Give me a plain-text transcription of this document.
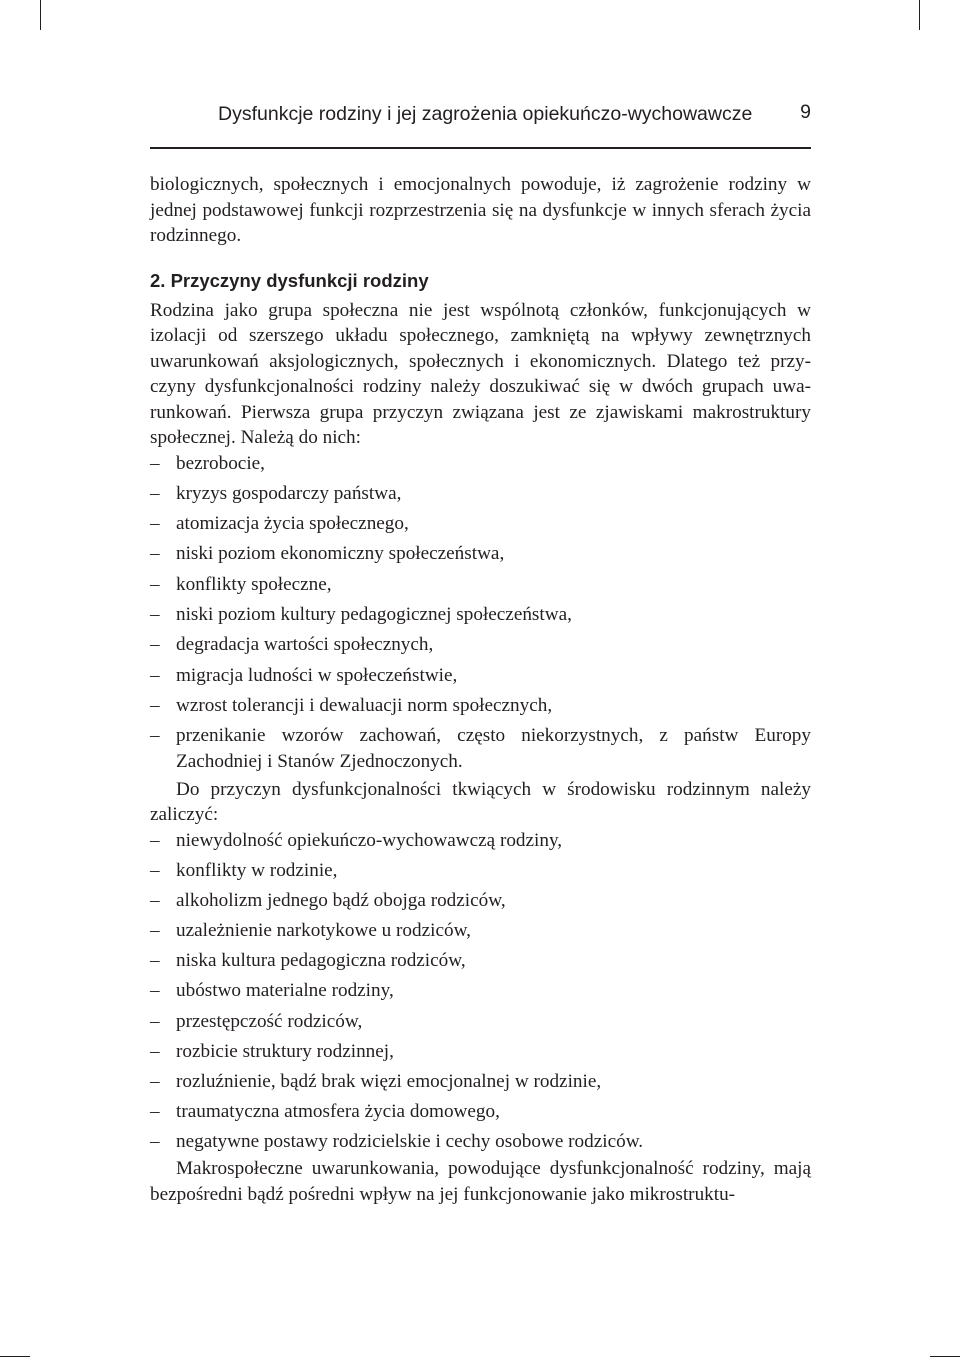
Dysfunkcje rodziny i jej zagrożenia opiekuńczo-wychowawcze 9

biologicznych, społecznych i emocjonalnych powoduje, iż zagrożenie rodziny w jednej podstawowej funkcji rozprzestrzenia się na dysfunkcje w innych sferach życia rodzinnego.

2. Przyczyny dysfunkcji rodziny

Rodzina jako grupa społeczna nie jest wspólnotą członków, funkcjonujących w izolacji od szerszego układu społecznego, zamkniętą na wpływy zewnętrznych uwarunkowań aksjologicznych, społecznych i ekonomicznych. Dlatego też przyczyny dysfunkcjonalności rodziny należy doszukiwać się w dwóch grupach uwarunkowań. Pierwsza grupa przyczyn związana jest ze zjawiskami makrostruktury społecznej. Należą do nich:

– bezrobocie,
– kryzys gospodarczy państwa,
– atomizacja życia społecznego,
– niski poziom ekonomiczny społeczeństwa,
– konflikty społeczne,
– niski poziom kultury pedagogicznej społeczeństwa,
– degradacja wartości społecznych,
– migracja ludności w społeczeństwie,
– wzrost tolerancji i dewaluacji norm społecznych,
– przenikanie wzorów zachowań, często niekorzystnych, z państw Europy Zachodniej i Stanów Zjednoczonych.

Do przyczyn dysfunkcjonalności tkwiących w środowisku rodzinnym należy zaliczyć:

– niewydolność opiekuńczo-wychowawczą rodziny,
– konflikty w rodzinie,
– alkoholizm jednego bądź obojga rodziców,
– uzależnienie narkotykowe u rodziców,
– niska kultura pedagogiczna rodziców,
– ubóstwo materialne rodziny,
– przestępczość rodziców,
– rozbicie struktury rodzinnej,
– rozluźnienie, bądź brak więzi emocjonalnej w rodzinie,
– traumatyczna atmosfera życia domowego,
– negatywne postawy rodzicielskie i cechy osobowe rodziców.

Makrospołeczne uwarunkowania, powodujące dysfunkcjonalność rodziny, mają bezpośredni bądź pośredni wpływ na jej funkcjonowanie jako mikrostruktu-
